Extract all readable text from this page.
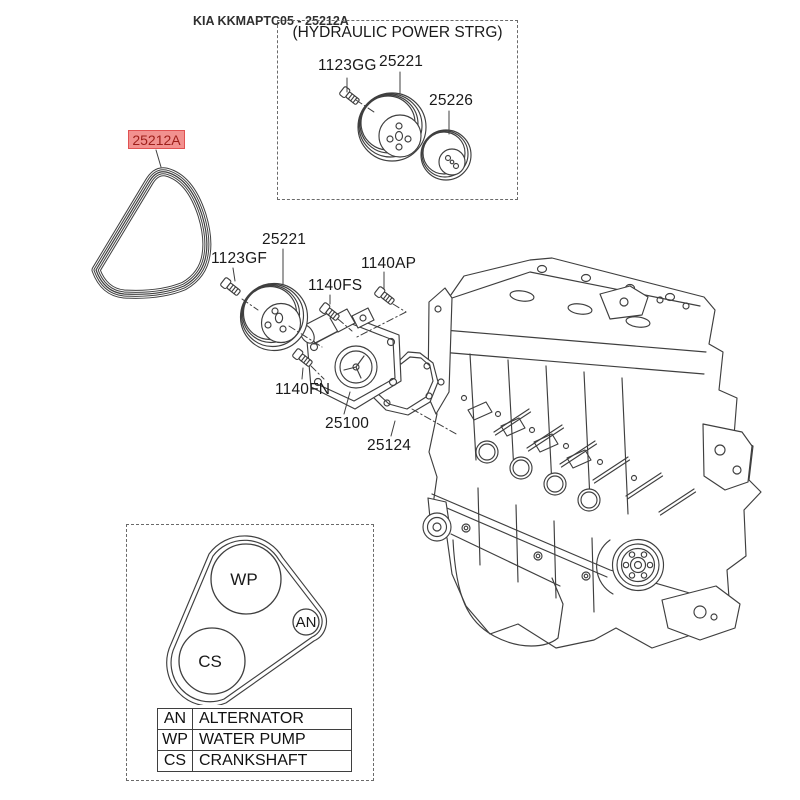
KIA KKMAPTC05 - 25212A
(HYDRAULIC POWER STRG)
1123GG 25221
25226
25212A
1123GF
25221
1140FS
1140AP
1140FN
25100
25124
WP
AN
CS
AN	ALTERNATOR
WP	WATER PUMP
CS	CRANKSHAFT
